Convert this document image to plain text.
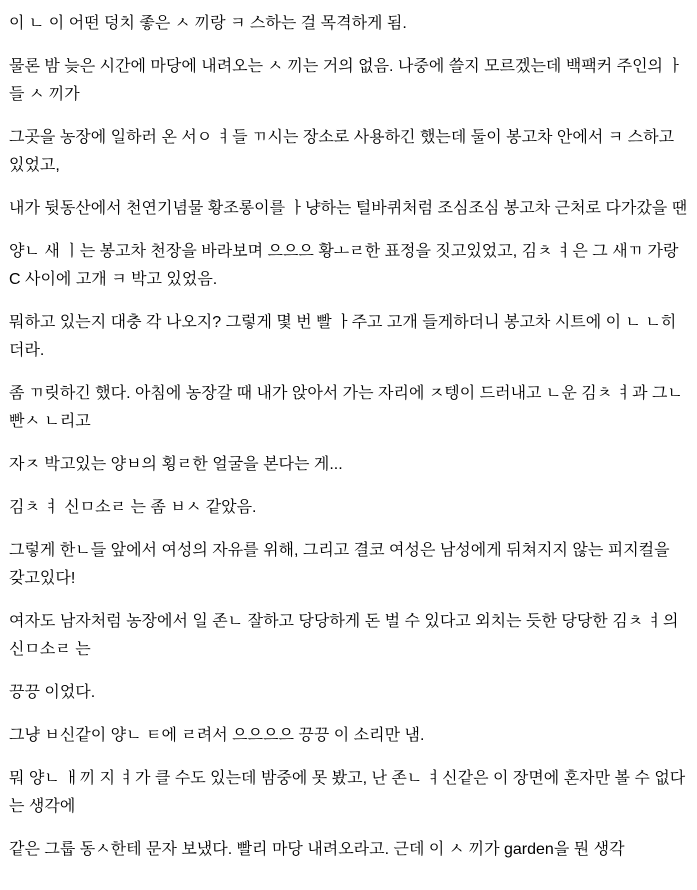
이 ㄴ 이 어떤 덩치 좋은 ㅅ 끼랑 ㅋ 스하는 걸 목격하게 됨.

물론 밤 늦은 시간에 마당에 내려오는 ㅅ 끼는 거의 없음. 나중에 쓸지 모르겠는데 백팩커 주인의 ㅏ들 ㅅ 끼가

그곳을 농장에 일하러 온 서ㅇ ㅕ들 ㄲ시는 장소로 사용하긴 했는데 둘이 봉고차 안에서 ㅋ 스하고 있었고,

내가 뒷동산에서 천연기념물 황조롱이를 ㅏ냥하는 털바퀴처럼 조심조심 봉고차 근처로 다가갔을 땐

양ㄴ 새 ㅣ는 봉고차 천장을 바라보며 으으으 황ㅗㄹ한 표정을 짓고있었고, 김ㅊ ㅕ은 그 새ㄲ 가랑C 사이에 고개 ㅋ 박고 있었음.

뭐하고 있는지 대충 각 나오지? 그렇게 몇 번 빨 ㅏ주고 고개 들게하더니 봉고차 시트에 이 ㄴ ㄴ히더라.

좀 ㄲ릿하긴 했다. 아침에 농장갈 때 내가 앉아서 가는 자리에 ㅈ텡이 드러내고 ㄴ운 김ㅊ ㅕ과 그ㄴ 빤ㅅ ㄴ리고

자ㅈ 박고있는 양ㅂ의 횡ㄹ한 얼굴을 본다는 게...

김ㅊ ㅕ 신ㅁ소ㄹ 는 좀 ㅂㅅ 같았음.

그렇게 한ㄴ들 앞에서 여성의 자유를 위해, 그리고 결코 여성은 남성에게 뒤쳐지지 않는 피지컬을 갖고있다!

여자도 남자처럼 농장에서 일 존ㄴ 잘하고 당당하게 돈 벌 수 있다고 외치는 듯한 당당한 김ㅊ ㅕ의 신ㅁ소ㄹ 는

끙끙 이었다.

그냥 ㅂ신같이 양ㄴ ㅌ에 ㄹ려서 으으으으 끙끙 이 소리만 냄.

뭐 양ㄴ ㅐ끼 지 ㅕ가 클 수도 있는데 밤중에 못 봤고, 난 존ㄴ ㅕ신같은 이 장면에 혼자만 볼 수 없다는 생각에

같은 그룹 동ㅅ한테 문자 보냈다. 빨리 마당 내려오라고. 근데 이 ㅅ 끼가 garden을 뭔 생각
